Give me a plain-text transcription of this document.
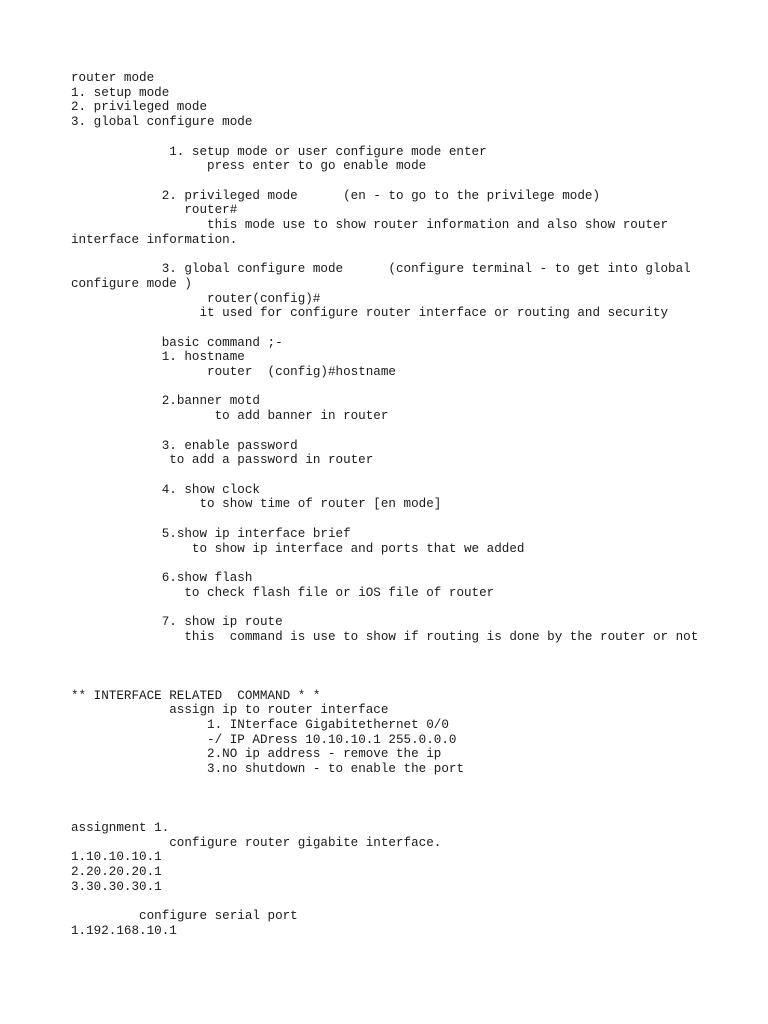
router mode
1. setup mode
2. privileged mode
3. global configure mode

1. setup mode or user configure mode enter
press enter to go enable mode

2. privileged mode      (en - to go to the privilege mode)
router#
this mode use to show router information and also show router
interface information.

3. global configure mode      (configure terminal - to get into global
configure mode )
router(config)#
it used for configure router interface or routing and security

basic command ;-
1. hostname
router  (config)#hostname

2.banner motd
to add banner in router

3. enable password
to add a password in router

4. show clock
to show time of router [en mode]

5.show ip interface brief
to show ip interface and ports that we added

6.show flash
to check flash file or iOS file of router

7. show ip route
this  command is use to show if routing is done by the router or not

** INTERFACE RELATED  COMMAND * *
assign ip to router interface
1. INterface Gigabitethernet 0/0
-/ IP ADress 10.10.10.1 255.0.0.0
2.NO ip address - remove the ip
3.no shutdown - to enable the port

assignment 1.
configure router gigabite interface.
1.10.10.10.1
2.20.20.20.1
3.30.30.30.1

configure serial port
1.192.168.10.1
